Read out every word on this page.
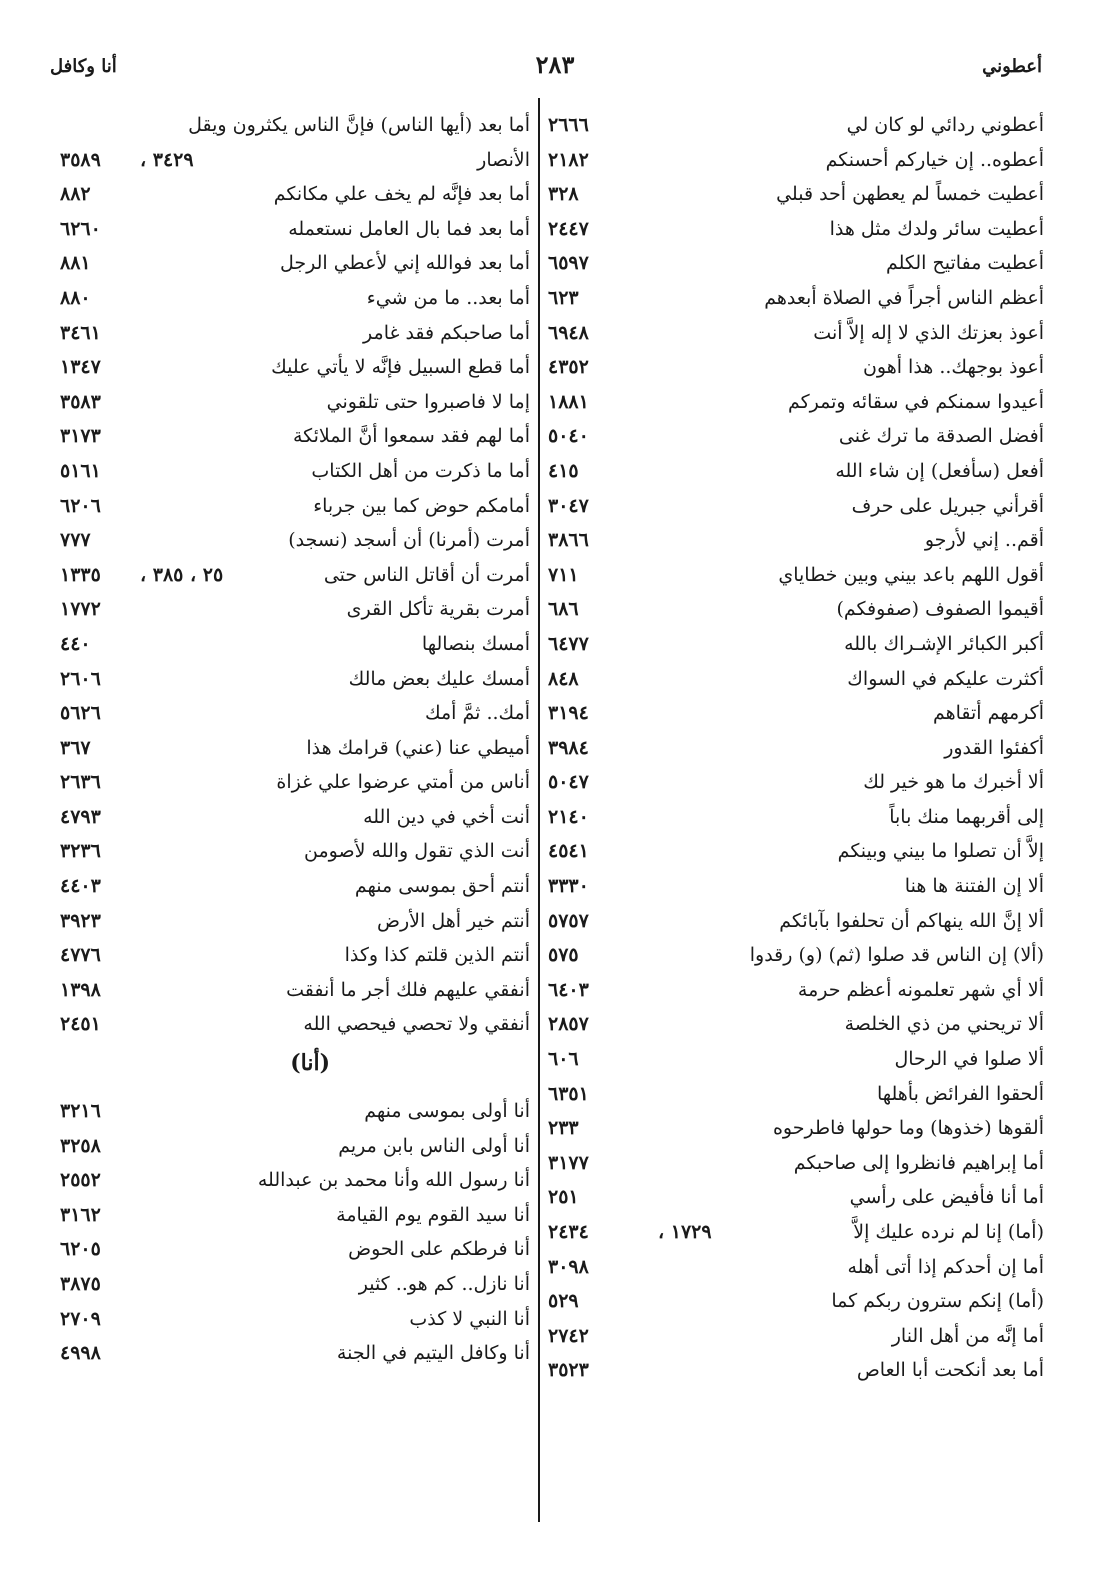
أعطوني
٢٨٣
أنا وكافل
أعطوني ردائي لو كان لي
٢٦٦٦
أعطوه.. إن خياركم أحسنكم
٢١٨٢
أعطيت خمساً لم يعطهن أحد قبلي
٣٢٨
أعطيت سائر ولدك مثل هذا
٢٤٤٧
أعطيت مفاتيح الكلم
٦٥٩٧
أعظم الناس أجراً في الصلاة أبعدهم
٦٢٣
أعوذ بعزتك الذي لا إله إلاَّ أنت
٦٩٤٨
أعوذ بوجهك.. هذا أهون
٤٣٥٢
أعيدوا سمنكم في سقائه وتمركم
١٨٨١
أفضل الصدقة ما ترك غنى
٥٠٤٠
أفعل (سأفعل) إن شاء الله
٤١٥
أقرأني جبريل على حرف
٣٠٤٧
أقم.. إني لأرجو
٣٨٦٦
أقول اللهم باعد بيني وبين خطاياي
٧١١
أقيموا الصفوف (صفوفكم)
٦٨٦
أكبر الكبائر الإشـراك بالله
٦٤٧٧
أكثرت عليكم في السواك
٨٤٨
أكرمهم أتقاهم
٣١٩٤
أكفئوا القدور
٣٩٨٤
ألا أخبرك ما هو خير لك
٥٠٤٧
إلى أقربهما منك باباً
٢١٤٠
إلاَّ أن تصلوا ما بيني وبينكم
٤٥٤١
ألا إن الفتنة ها هنا
٣٣٣٠
ألا إنَّ الله ينهاكم أن تحلفوا بآبائكم
٥٧٥٧
(ألا) إن الناس قد صلوا (ثم) (و) رقدوا
٥٧٥
ألا أي شهر تعلمونه أعظم حرمة
٦٤٠٣
ألا تريحني من ذي الخلصة
٢٨٥٧
ألا صلوا في الرحال
٦٠٦
ألحقوا الفرائض بأهلها
٦٣٥١
ألقوها (خذوها) وما حولها فاطرحوه
٢٣٣
أما إبراهيم فانظروا إلى صاحبكم
٣١٧٧
أما أنا فأفيض على رأسي
٢٥١
(أما) إنا لم نرده عليك إلاَّ
٢٤٣٤	١٧٢٩ ،
أما إن أحدكم إذا أتى أهله
٣٠٩٨
(أما) إنكم سترون ربكم كما
٥٢٩
أما إنَّه من أهل النار
٢٧٤٢
أما بعد أنكحت أبا العاص
٣٥٢٣
أما بعد (أيها الناس) فإنَّ الناس يكثرون ويقل
الأنصار
٣٥٨٩ ٣٤٢٩ ،
أما بعد فإنَّه لم يخف علي مكانكم
٨٨٢
أما بعد فما بال العامل نستعمله
٦٢٦٠
أما بعد فوالله إني لأعطي الرجل
٨٨١
أما بعد.. ما من شيء
٨٨٠
أما صاحبكم فقد غامر
٣٤٦١
أما قطع السبيل فإنَّه لا يأتي عليك
١٣٤٧
إما لا فاصبروا حتى تلقوني
٣٥٨٣
أما لهم فقد سمعوا أنَّ الملائكة
٣١٧٣
أما ما ذكرت من أهل الكتاب
٥١٦١
أمامكم حوض كما بين جرباء
٦٢٠٦
أمرت (أمرنا) أن أسجد (نسجد)
٧٧٧
أمرت أن أقاتل الناس حتى
١٣٣٥ ٢٥ ، ٣٨٥ ،
أمرت بقرية تأكل القرى
١٧٧٢
أمسك بنصالها
٤٤٠
أمسك عليك بعض مالك
٢٦٠٦
أمك.. ثمَّ أمك
٥٦٢٦
أميطي عنا (عني) قرامك هذا
٣٦٧
أناس من أمتي عرضوا علي غزاة
٢٦٣٦
أنت أخي في دين الله
٤٧٩٣
أنت الذي تقول والله لأصومن
٣٢٣٦
أنتم أحق بموسى منهم
٤٤٠٣
أنتم خير أهل الأرض
٣٩٢٣
أنتم الذين قلتم كذا وكذا
٤٧٧٦
أنفقي عليهم فلك أجر ما أنفقت
١٣٩٨
أنفقي ولا تحصي فيحصي الله
٢٤٥١
(أنا)
أنا أولى بموسى منهم
٣٢١٦
أنا أولى الناس بابن مريم
٣٢٥٨
أنا رسول الله وأنا محمد بن عبدالله
٢٥٥٢
أنا سيد القوم يوم القيامة
٣١٦٢
أنا فرطكم على الحوض
٦٢٠٥
أنا نازل.. كم هو.. كثير
٣٨٧٥
أنا النبي لا كذب
٢٧٠٩
أنا وكافل اليتيم في الجنة
٤٩٩٨
